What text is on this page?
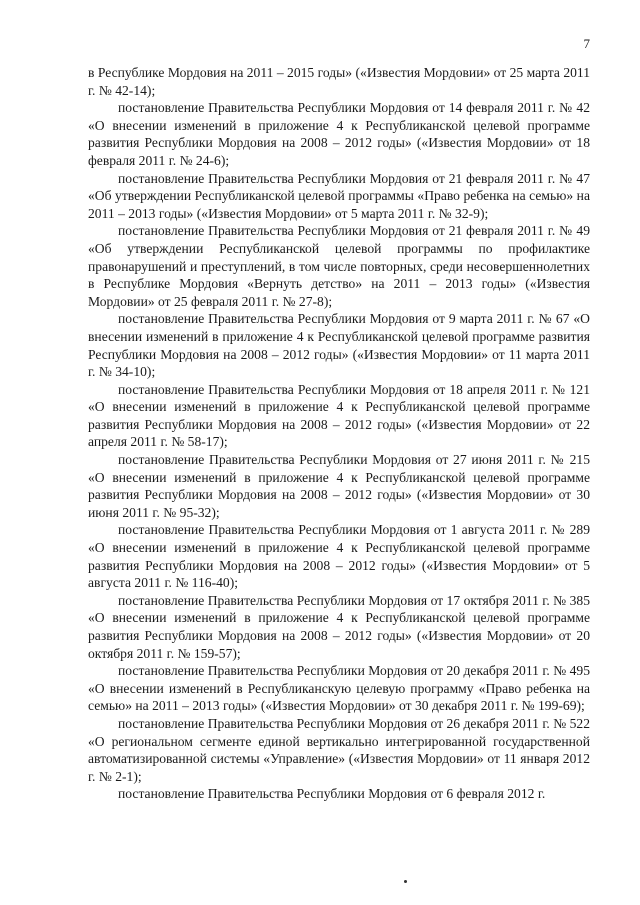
7

в Республике Мордовия на 2011 – 2015 годы» («Известия Мордовии» от 25 марта 2011 г. № 42-14);

постановление Правительства Республики Мордовия от 14 февраля 2011 г. № 42 «О внесении изменений в приложение 4 к Республиканской целевой программе развития Республики Мордовия на 2008 – 2012 годы» («Известия Мордовии» от 18 февраля 2011 г. № 24-6);

постановление Правительства Республики Мордовия от 21 февраля 2011 г. № 47 «Об утверждении Республиканской целевой программы «Право ребенка на семью» на 2011 – 2013 годы» («Известия Мордовии» от 5 марта 2011 г. № 32-9);

постановление Правительства Республики Мордовия от 21 февраля 2011 г. № 49 «Об утверждении Республиканской целевой программы по профилактике правонарушений и преступлений, в том числе повторных, среди несовершеннолетних в Республике Мордовия «Вернуть детство» на 2011 – 2013 годы» («Известия Мордовии» от 25 февраля 2011 г. № 27-8);

постановление Правительства Республики Мордовия от 9 марта 2011 г. № 67 «О внесении изменений в приложение 4 к Республиканской целевой программе развития Республики Мордовия на 2008 – 2012 годы» («Известия Мордовии» от 11 марта 2011 г. № 34-10);

постановление Правительства Республики Мордовия от 18 апреля 2011 г. № 121 «О внесении изменений в приложение 4 к Республиканской целевой программе развития Республики Мордовия на 2008 – 2012 годы» («Известия Мордовии» от 22 апреля 2011 г. № 58-17);

постановление Правительства Республики Мордовия от 27 июня 2011 г. № 215 «О внесении изменений в приложение 4 к Республиканской целевой программе развития Республики Мордовия на 2008 – 2012 годы» («Известия Мордовии» от 30 июня 2011 г. № 95-32);

постановление Правительства Республики Мордовия от 1 августа 2011 г. № 289 «О внесении изменений в приложение 4 к Республиканской целевой программе развития Республики Мордовия на 2008 – 2012 годы» («Известия Мордовии» от 5 августа 2011 г. № 116-40);

постановление Правительства Республики Мордовия от 17 октября 2011 г. № 385 «О внесении изменений в приложение 4 к Республиканской целевой программе развития Республики Мордовия на 2008 – 2012 годы» («Известия Мордовии» от 20 октября 2011 г. № 159-57);

постановление Правительства Республики Мордовия от 20 декабря 2011 г. № 495 «О внесении изменений в Республиканскую целевую программу «Право ребенка на семью» на 2011 – 2013 годы» («Известия Мордовии» от 30 декабря 2011 г. № 199-69);

постановление Правительства Республики Мордовия от 26 декабря 2011 г. № 522 «О региональном сегменте единой вертикально интегрированной государственной автоматизированной системы «Управление» («Известия Мордовии» от 11 января 2012 г. № 2-1);

постановление Правительства Республики Мордовия от 6 февраля 2012 г.
